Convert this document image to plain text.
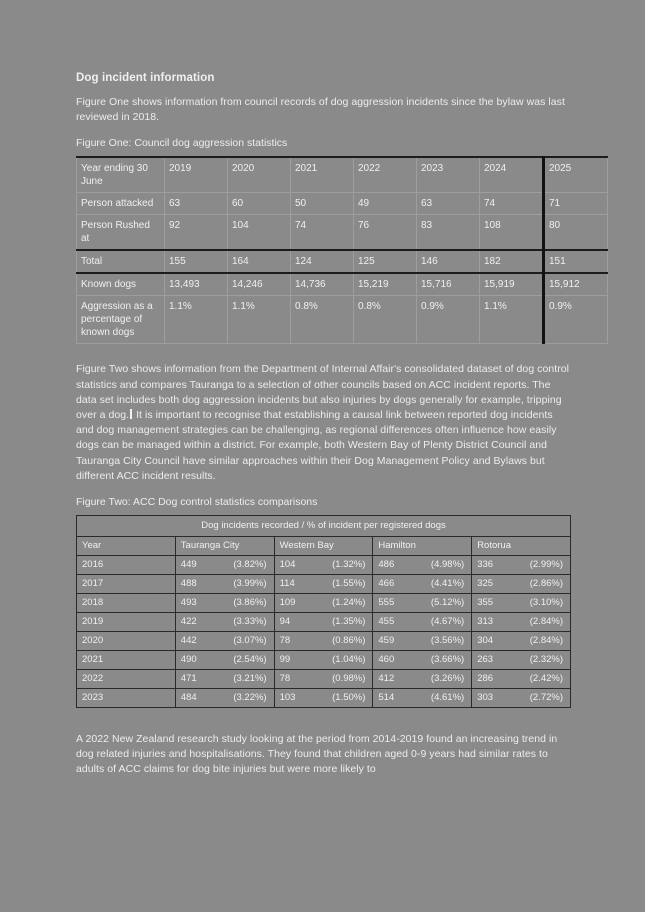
Dog incident information

Figure One shows information from council records of dog aggression incidents since the bylaw was last reviewed in 2018.

Figure One: Council dog aggression statistics

Year ending 30 June	2019	2020	2021	2022	2023	2024	2025
Person attacked	63	60	50	49	63	74	71
Person Rushed at	92	104	74	76	83	108	80
Total	155	164	124	125	146	182	151
Known dogs	13,493	14,246	14,736	15,219	15,716	15,919	15,912
Aggression as a percentage of known dogs	1.1%	1.1%	0.8%	0.8%	0.9%	1.1%	0.9%

Figure Two shows information from the Department of Internal Affair's consolidated dataset of dog control statistics and compares Tauranga to a selection of other councils based on ACC incident reports. The data set includes both dog aggression incidents but also injuries by dogs generally for example, tripping over a dog. It is important to recognise that establishing a causal link between reported dog incidents and dog management strategies can be challenging, as regional differences often influence how easily dogs can be managed within a district. For example, both Western Bay of Plenty District Council and Tauranga City Council have similar approaches within their Dog Management Policy and Bylaws but different ACC incident results.

Figure Two: ACC Dog control statistics comparisons

Dog incidents recorded / % of incident per registered dogs				
Year	Tauranga City	Western Bay	Hamilton	Rotorua
2016	449 (3.82%)	104 (1.32%)	486 (4.98%)	336 (2.99%)

2017	488 (3.99%)	114 (1.55%)	466 (4.41%)	325 (2.86%)

2018	493 (3.86%)	109 (1.24%)	555 (5.12%)	355 (3.10%)

2019	422 (3.33%)	94 (1.35%)	455 (4.67%)	313 (2.84%)

2020	442 (3.07%)	78 (0.86%)	459 (3.56%)	304 (2.84%)

2021	490 (2.54%)	99 (1.04%)	460 (3.66%)	263 (2.32%)

2022	471 (3.21%)	78 (0.98%)	412 (3.26%)	286 (2.42%)

2023	484 (3.22%)	103 (1.50%)	514 (4.61%)	303 (2.72%)

A 2022 New Zealand research study looking at the period from 2014-2019 found an increasing trend in dog related injuries and hospitalisations. They found that children aged 0-9 years had similar rates to adults of ACC claims for dog bite injuries but were more likely to
